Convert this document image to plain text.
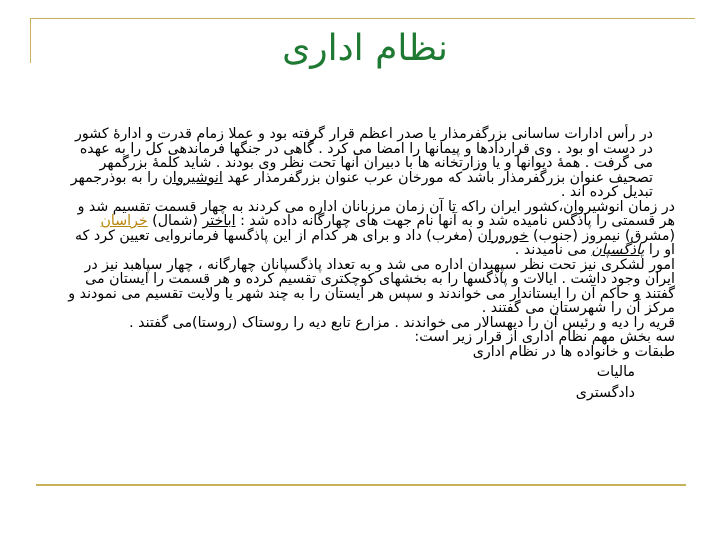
نظام اداری

در رأس ادارات ساسانی بزرگفرمذار یا صدر اعظم قرار گرفته بود و عملا زمام قدرت و ادارهٔ کشور در دست او بود . وی قراردادها و پیمانها را امضا می کرد . گاهی در جنگها فرماندهی کل را به عهده می گرفت . همهٔ دیوانها و یا وزارتخانه ها با دبیران آنها تحت نظر وی بودند . شاید کلمهٔ بزرگمهر تصحیف عنوان بزرگفرمذار باشد که مورخان عرب عنوان بزرگفرمذار عهد انوشیروان را به بوذرجمهر تبدیل کرده اند .

در زمان انوشیروان،کشور ایران راکه تا آن زمان مرزبانان اداره می کردند به چهار قسمت تقسیم شد و هر قسمتی را پاذگس نامیده شد و به آنها نام جهت های چهارگانه داده شد : اباختر (شمال) خراسان (مشرق) نیمروز (جنوب) خوروران (مغرب) داد و برای هر کدام از این پاذگسها فرمانروایی تعیین کرد که او را پاذگسپان می نامیدند .

امور لشکری نیز تحت نظر سپهبدان اداره می شد و به تعداد پاذگسپانان چهارگانه ، چهار سپاهبد نیز در ایران وجود داشت . ایالات و پاذگسها را به بخشهای کوچکتری تقسیم کرده و هر قسمت را ایستان می گفتند و حاکم آن را ایستاندار می خواندند و سپس هر ایستان را به چند شهر یا ولایت تقسیم می نمودند و مرکز آن را شهرستان می گفتند .

قریه را دیه و رئیس آن را دیهسالار می خواندند . مزارع تابع دیه را روستاک (روستا)می گفتند .

سه بخش مهم نظام اداری از قرار زیر است:

طبقات و خانواده ها در نظام اداری

مالیات

دادگستری
